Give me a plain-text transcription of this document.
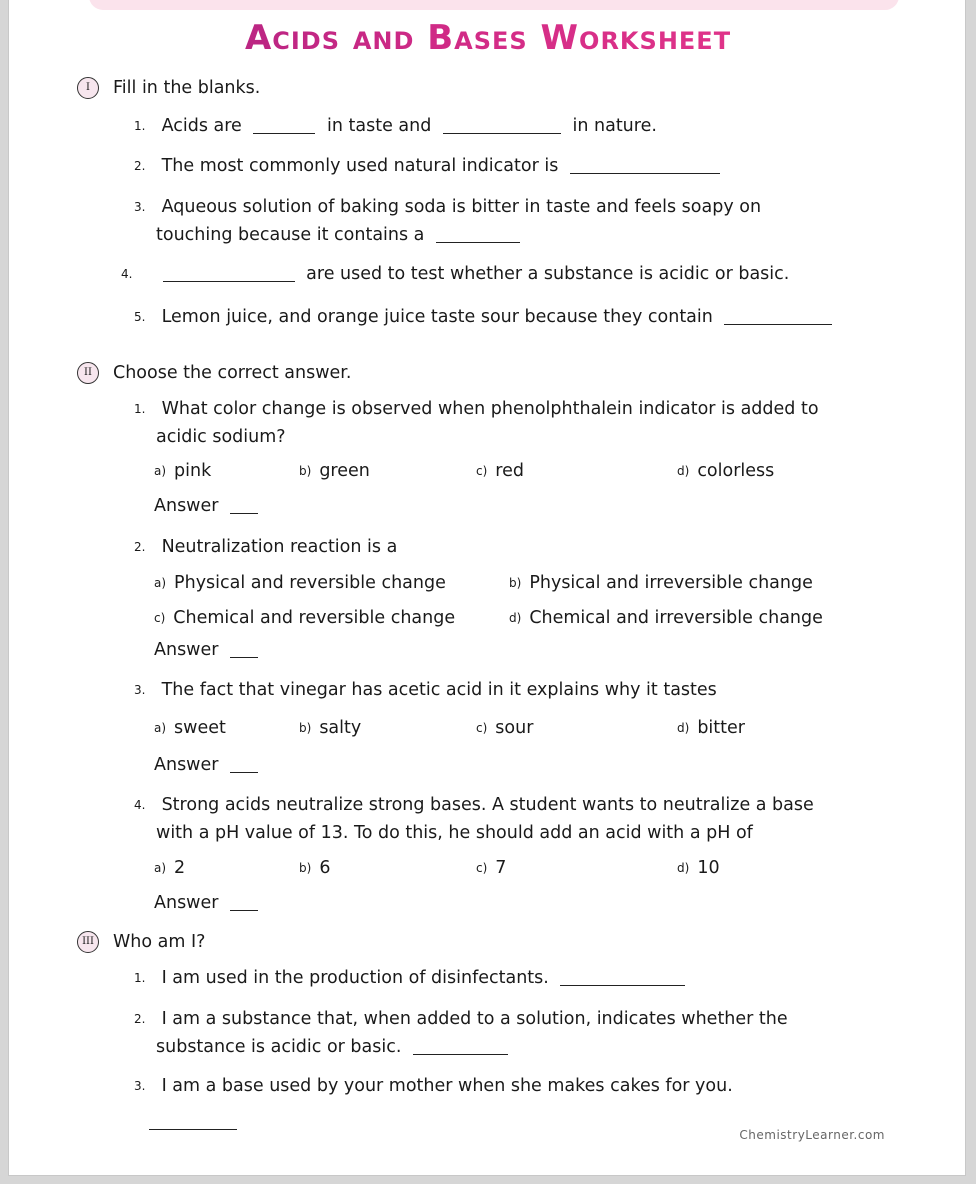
Acids and Bases Worksheet
I	Fill in the blanks.
1. Acids are	in taste and	in nature.
2. The most commonly used natural indicator is
3. Aqueous solution of baking soda is bitter in taste and feels soapy on
touching because it contains a
4.	are used to test whether a substance is acidic or basic.
5. Lemon juice, and orange juice taste sour because they contain
II	Choose the correct answer.
1. What color change is observed when phenolphthalein indicator is added to
acidic sodium?
a) pink	b) green	c) red	d) colorless
Answer
2. Neutralization reaction is a
a) Physical and reversible change	b) Physical and irreversible change
c) Chemical and reversible change	d) Chemical and irreversible change
Answer
3. The fact that vinegar has acetic acid in it explains why it tastes
a) sweet	b) salty	c) sour	d) bitter
Answer
4. Strong acids neutralize strong bases. A student wants to neutralize a base
with a pH value of 13. To do this, he should add an acid with a pH of
a) 2	b) 6	c) 7	d) 10
Answer
III Who am I?
1. I am used in the production of disinfectants.
2. I am a substance that, when added to a solution, indicates whether the
substance is acidic or basic.
3. I am a base used by your mother when she makes cakes for you.
ChemistryLearner.com
